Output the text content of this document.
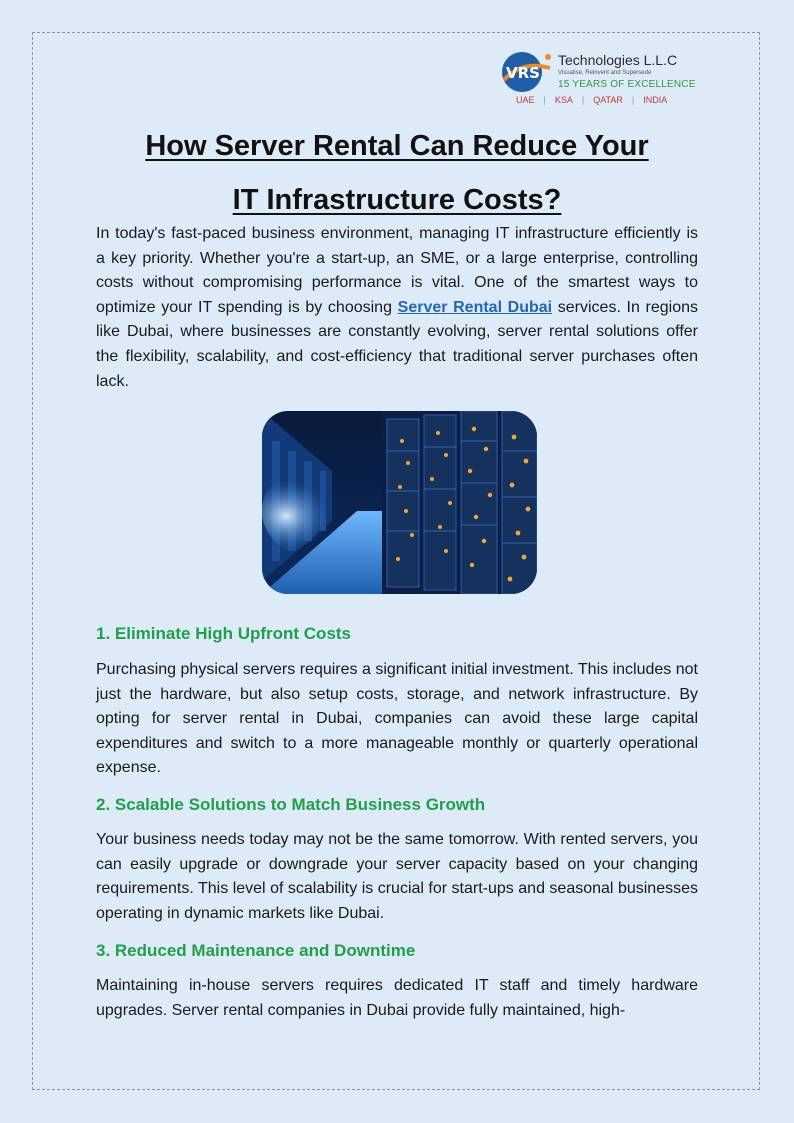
VRS
Technologies L.L.C
Visualise, Reinvent and Supersede
15 YEARS OF EXCELLENCE
UAE	|	KSA	|	QATAR	|	INDIA
How Server Rental Can Reduce Your
IT Infrastructure Costs?

In today's fast-paced business environment, managing IT infrastructure efficiently is a key priority. Whether you're a start-up, an SME, or a large enterprise, controlling costs without compromising performance is vital. One of the smartest ways to optimize your IT spending is by choosing Server Rental Dubai services. In regions like Dubai, where businesses are constantly evolving, server rental solutions offer the flexibility, scalability, and cost-efficiency that traditional server purchases often lack.

1. Eliminate High Upfront Costs

Purchasing physical servers requires a significant initial investment. This includes not just the hardware, but also setup costs, storage, and network infrastructure. By opting for server rental in Dubai, companies can avoid these large capital expenditures and switch to a more manageable monthly or quarterly operational expense.

2. Scalable Solutions to Match Business Growth

Your business needs today may not be the same tomorrow. With rented servers, you can easily upgrade or downgrade your server capacity based on your changing requirements. This level of scalability is crucial for start-ups and seasonal businesses operating in dynamic markets like Dubai.

3. Reduced Maintenance and Downtime

Maintaining in-house servers requires dedicated IT staff and timely hardware upgrades. Server rental companies in Dubai provide fully maintained, high-
